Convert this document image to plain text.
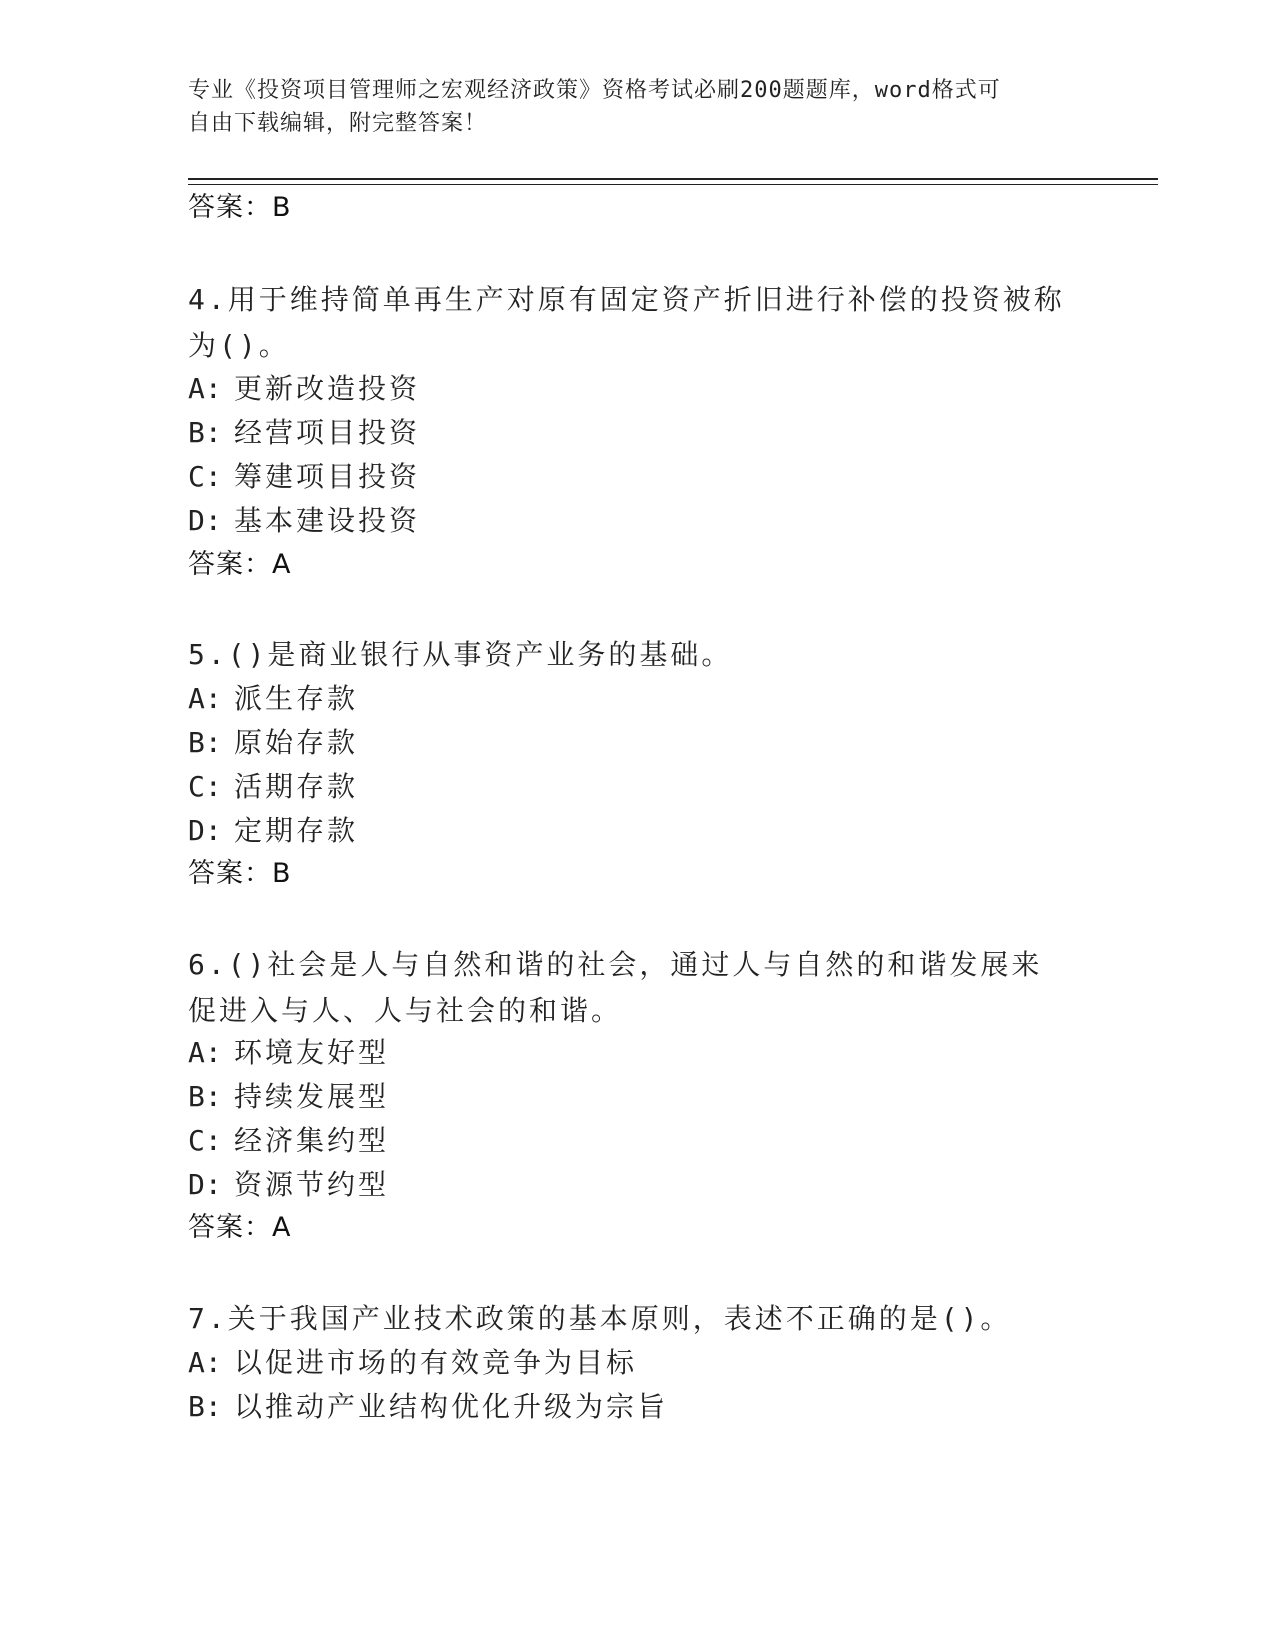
专业《投资项目管理师之宏观经济政策》资格考试必刷200题题库，word格式可
自由下载编辑，附完整答案！
答案：B
4.用于维持简单再生产对原有固定资产折旧进行补偿的投资被称为()。
A: 更新改造投资
B: 经营项目投资
C: 筹建项目投资
D: 基本建设投资
答案：A
5.()是商业银行从事资产业务的基础。
A: 派生存款
B: 原始存款
C: 活期存款
D: 定期存款
答案：B
6.()社会是人与自然和谐的社会，通过人与自然的和谐发展来促进入与人、人与社会的和谐。
A: 环境友好型
B: 持续发展型
C: 经济集约型
D: 资源节约型
答案：A
7.关于我国产业技术政策的基本原则，表述不正确的是()。
A: 以促进市场的有效竞争为目标
B: 以推动产业结构优化升级为宗旨
